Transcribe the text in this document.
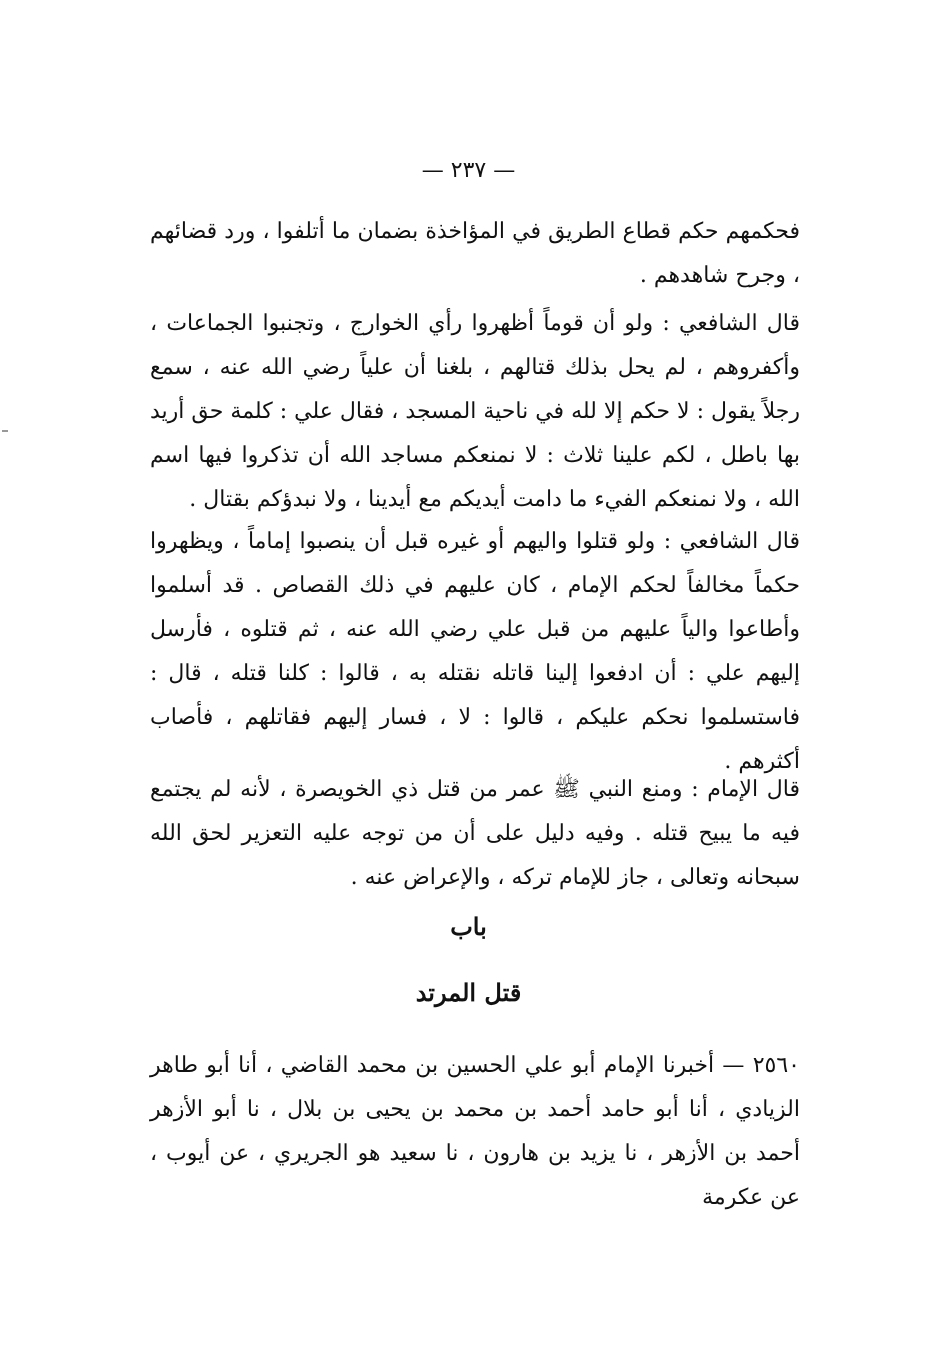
— ٢٣٧ —

فحكمهم حكم قطاع الطريق في المؤاخذة بضمان ما أتلفوا ، ورد قضائهم ، وجرح شاهدهم .

قال الشافعي : ولو أن قوماً أظهروا رأي الخوارج ، وتجنبوا الجماعات ، وأكفروهم ، لم يحل بذلك قتالهم ، بلغنا أن علياً رضي الله عنه ، سمع رجلاً يقول : لا حكم إلا لله في ناحية المسجد ، فقال علي : كلمة حق أريد بها باطل ، لكم علينا ثلاث : لا نمنعكم مساجد الله أن تذكروا فيها اسم الله ، ولا نمنعكم الفيء ما دامت أيديكم مع أيدينا ، ولا نبدؤكم بقتال .

قال الشافعي : ولو قتلوا واليهم أو غيره قبل أن ينصبوا إماماً ، ويظهروا حكماً مخالفاً لحكم الإمام ، كان عليهم في ذلك القصاص . قد أسلموا وأطاعوا والياً عليهم من قبل علي رضي الله عنه ، ثم قتلوه ، فأرسل إليهم علي : أن ادفعوا إلينا قاتله نقتله به ، قالوا : كلنا قتله ، قال : فاستسلموا نحكم عليكم ، قالوا : لا ، فسار إليهم فقاتلهم ، فأصاب أكثرهم .

قال الإمام : ومنع النبي ﷺ عمر من قتل ذي الخويصرة ، لأنه لم يجتمع فيه ما يبيح قتله . وفيه دليل على أن من توجه عليه التعزير لحق الله سبحانه وتعالى ، جاز للإمام تركه ، والإعراض عنه .

باب
قتل المرتد

٢٥٦٠ — أخبرنا الإمام أبو علي الحسين بن محمد القاضي ، أنا أبو طاهر الزيادي ، أنا أبو حامد أحمد بن محمد بن يحيى بن بلال ، نا أبو الأزهر أحمد بن الأزهر ، نا يزيد بن هارون ، نا سعيد هو الجريري ، عن أيوب ، عن عكرمة
